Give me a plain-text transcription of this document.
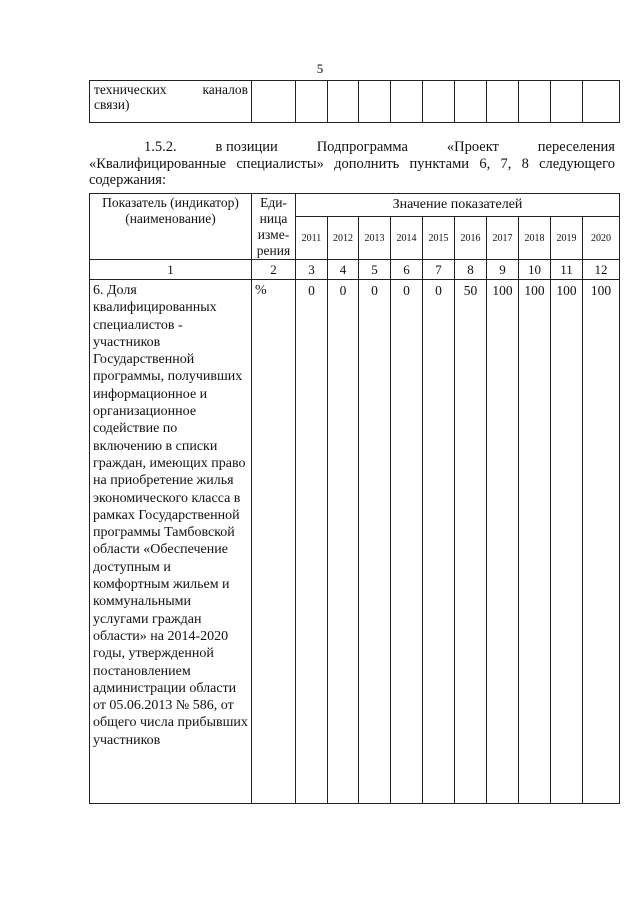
5
технических	каналов
связи)

1.5.2.	в позиции	Подпрограмма	«Проект	переселения
«Квалифицированные специалисты» дополнить пунктами 6, 7, 8 следующего
содержания:
Показатель (индикатор) (наименование)	Еди-ница изме-рения	Значение показателей									
		2011	2012	2013	2014	2015	2016	2017	2018	2019	2020
1	2	3	4	5	6	7	8	9	10	11	12
6. Доля квалифицированных специалистов - участников Государственной программы, получивших информационное и организационное содействие по включению в списки граждан, имеющих право на приобретение жилья экономического класса в рамках Государственной программы Тамбовской области «Обеспечение доступным и комфортным жильем и коммунальными услугами граждан области» на 2014-2020 годы, утвержденной постановлением администрации области от 05.06.2013 № 586, от общего числа прибывших участников	%	0	0	0	0	0	50	100	100	100	100
